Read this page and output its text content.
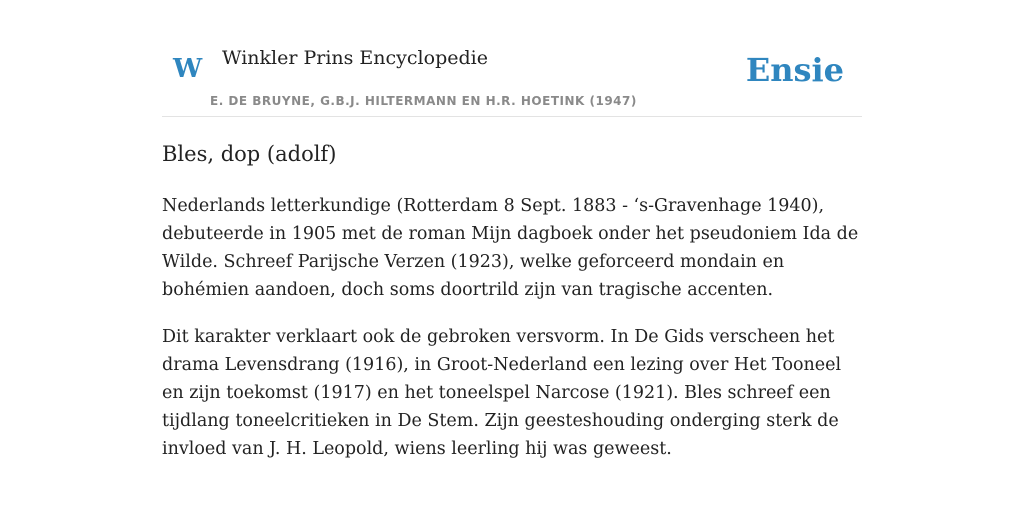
W Winkler Prins Encyclopedie
E. DE BRUYNE, G.B.J. HILTERMANN EN H.R. HOETINK (1947)
Ensie
Bles, dop (adolf)

Nederlands letterkundige (Rotterdam 8 Sept. 1883 - ‘s-Gravenhage 1940), debuteerde in 1905 met de roman Mijn dagboek onder het pseudoniem Ida de Wilde. Schreef Parijsche Verzen (1923), welke geforceerd mondain en bohémien aandoen, doch soms doortrild zijn van tragische accenten.

Dit karakter verklaart ook de gebroken versvorm. In De Gids verscheen het drama Levensdrang (1916), in Groot-Nederland een lezing over Het Tooneel en zijn toekomst (1917) en het toneelspel Narcose (1921). Bles schreef een tijdlang toneelcritieken in De Stem. Zijn geesteshouding onderging sterk de invloed van J. H. Leopold, wiens leerling hij was geweest.
